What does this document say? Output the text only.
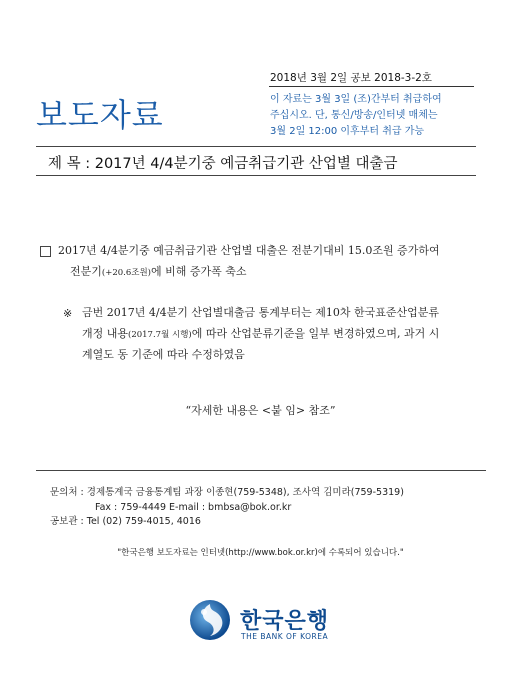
2018년 3월 2일 공보 2018-3-2호
보도자료	이 자료는 3월 3일 (조)간부터 취급하여
주십시오. 단, 통신/방송/인터넷 매체는
3월 2일 12:00 이후부터 취급 가능
제 목 : 2017년 4/4분기중 예금취급기관 산업별 대출금
2017년 4/4분기중 예금취급기관 산업별 대출은 전분기대비 15.0조원 증가하여
전분기(+20.6조원)에 비해 증가폭 축소
※ 금번 2017년 4/4분기 산업별대출금 통계부터는 제10차 한국표준산업분류
개정 내용(2017.7월 시행)에 따라 산업분류기준을 일부 변경하였으며, 과거 시
계열도 동 기준에 따라 수정하였음
“자세한 내용은 <붙 임> 참조”
문의처 : 경제통계국 금융통계팀 과장 이종현(759-5348), 조사역 김미라(759-5319)
Fax : 759-4449 E-mail : bmbsa@bok.or.kr
공보관 : Tel (02) 759-4015, 4016
"한국은행 보도자료는 인터넷(http://www.bok.or.kr)에 수록되어 있습니다."
한국은행
THE BANK OF KOREA
